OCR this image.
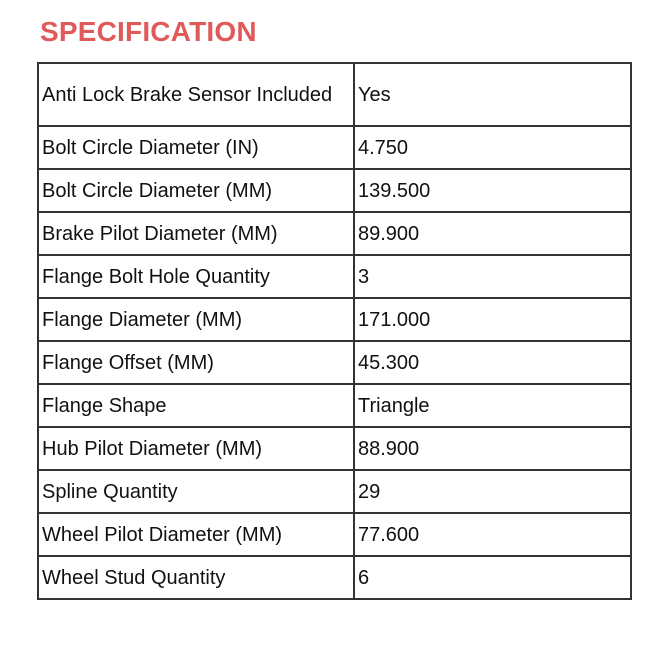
SPECIFICATION
Anti Lock Brake Sensor Included	Yes
Bolt Circle Diameter (IN)	4.750
Bolt Circle Diameter (MM)	139.500
Brake Pilot Diameter (MM)	89.900
Flange Bolt Hole Quantity	3
Flange Diameter (MM)	171.000
Flange Offset (MM)	45.300
Flange Shape	Triangle
Hub Pilot Diameter (MM)	88.900
Spline Quantity	29
Wheel Pilot Diameter (MM)	77.600
Wheel Stud Quantity	6
